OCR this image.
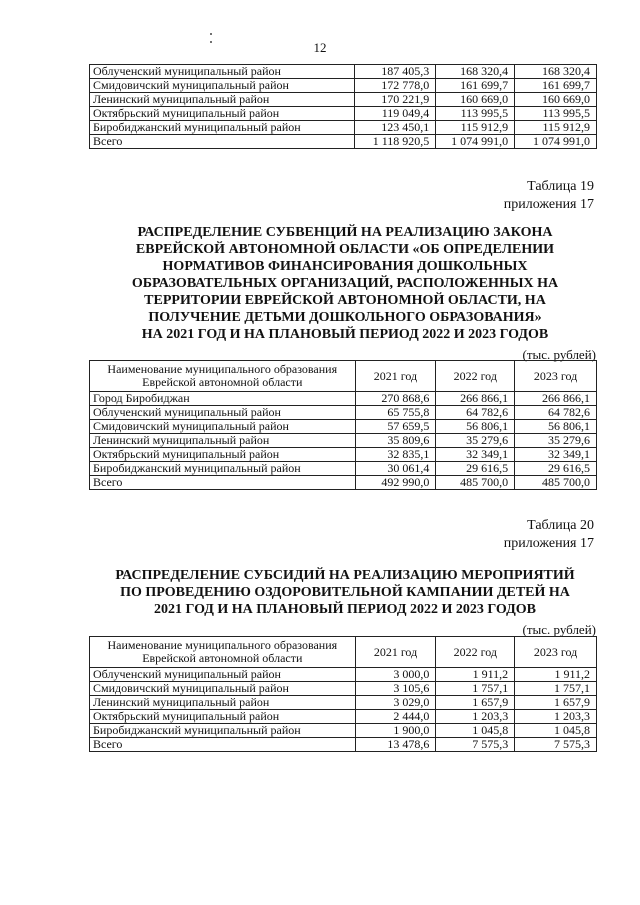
12
Облученский муниципальный район	187 405,3	168 320,4	168 320,4
Смидовичский муниципальный район	172 778,0	161 699,7	161 699,7
Ленинский муниципальный район	170 221,9	160 669,0	160 669,0
Октябрьский муниципальный район	119 049,4	113 995,5	113 995,5
Биробиджанский муниципальный район	123 450,1	115 912,9	115 912,9
Всего	1 118 920,5	1 074 991,0	1 074 991,0
Таблица 19
приложения 17
РАСПРЕДЕЛЕНИЕ СУБВЕНЦИЙ НА РЕАЛИЗАЦИЮ ЗАКОНА
ЕВРЕЙСКОЙ АВТОНОМНОЙ ОБЛАСТИ «ОБ ОПРЕДЕЛЕНИИ
НОРМАТИВОВ ФИНАНСИРОВАНИЯ ДОШКОЛЬНЫХ
ОБРАЗОВАТЕЛЬНЫХ ОРГАНИЗАЦИЙ, РАСПОЛОЖЕННЫХ НА
ТЕРРИТОРИИ ЕВРЕЙСКОЙ АВТОНОМНОЙ ОБЛАСТИ, НА
ПОЛУЧЕНИЕ ДЕТЬМИ ДОШКОЛЬНОГО ОБРАЗОВАНИЯ»
НА 2021 ГОД И НА ПЛАНОВЫЙ ПЕРИОД 2022 И 2023 ГОДОВ
(тыс. рублей)
Наименование муниципального образования Еврейской автономной области	2021 год	2022 год	2023 год
Город Биробиджан	270 868,6	266 866,1	266 866,1
Облученский муниципальный район	65 755,8	64 782,6	64 782,6
Смидовичский муниципальный район	57 659,5	56 806,1	56 806,1
Ленинский муниципальный район	35 809,6	35 279,6	35 279,6
Октябрьский муниципальный район	32 835,1	32 349,1	32 349,1
Биробиджанский муниципальный район	30 061,4	29 616,5	29 616,5
Всего	492 990,0	485 700,0	485 700,0
Таблица 20
приложения 17
РАСПРЕДЕЛЕНИЕ СУБСИДИЙ НА РЕАЛИЗАЦИЮ МЕРОПРИЯТИЙ
ПО ПРОВЕДЕНИЮ ОЗДОРОВИТЕЛЬНОЙ КАМПАНИИ ДЕТЕЙ НА
2021 ГОД И НА ПЛАНОВЫЙ ПЕРИОД 2022 И 2023 ГОДОВ
(тыс. рублей)
Наименование муниципального образования Еврейской автономной области	2021 год	2022 год	2023 год
Облученский муниципальный район	3 000,0	1 911,2	1 911,2
Смидовичский муниципальный район	3 105,6	1 757,1	1 757,1
Ленинский муниципальный район	3 029,0	1 657,9	1 657,9
Октябрьский муниципальный район	2 444,0	1 203,3	1 203,3
Биробиджанский муниципальный район	1 900,0	1 045,8	1 045,8
Всего	13 478,6	7 575,3	7 575,3
